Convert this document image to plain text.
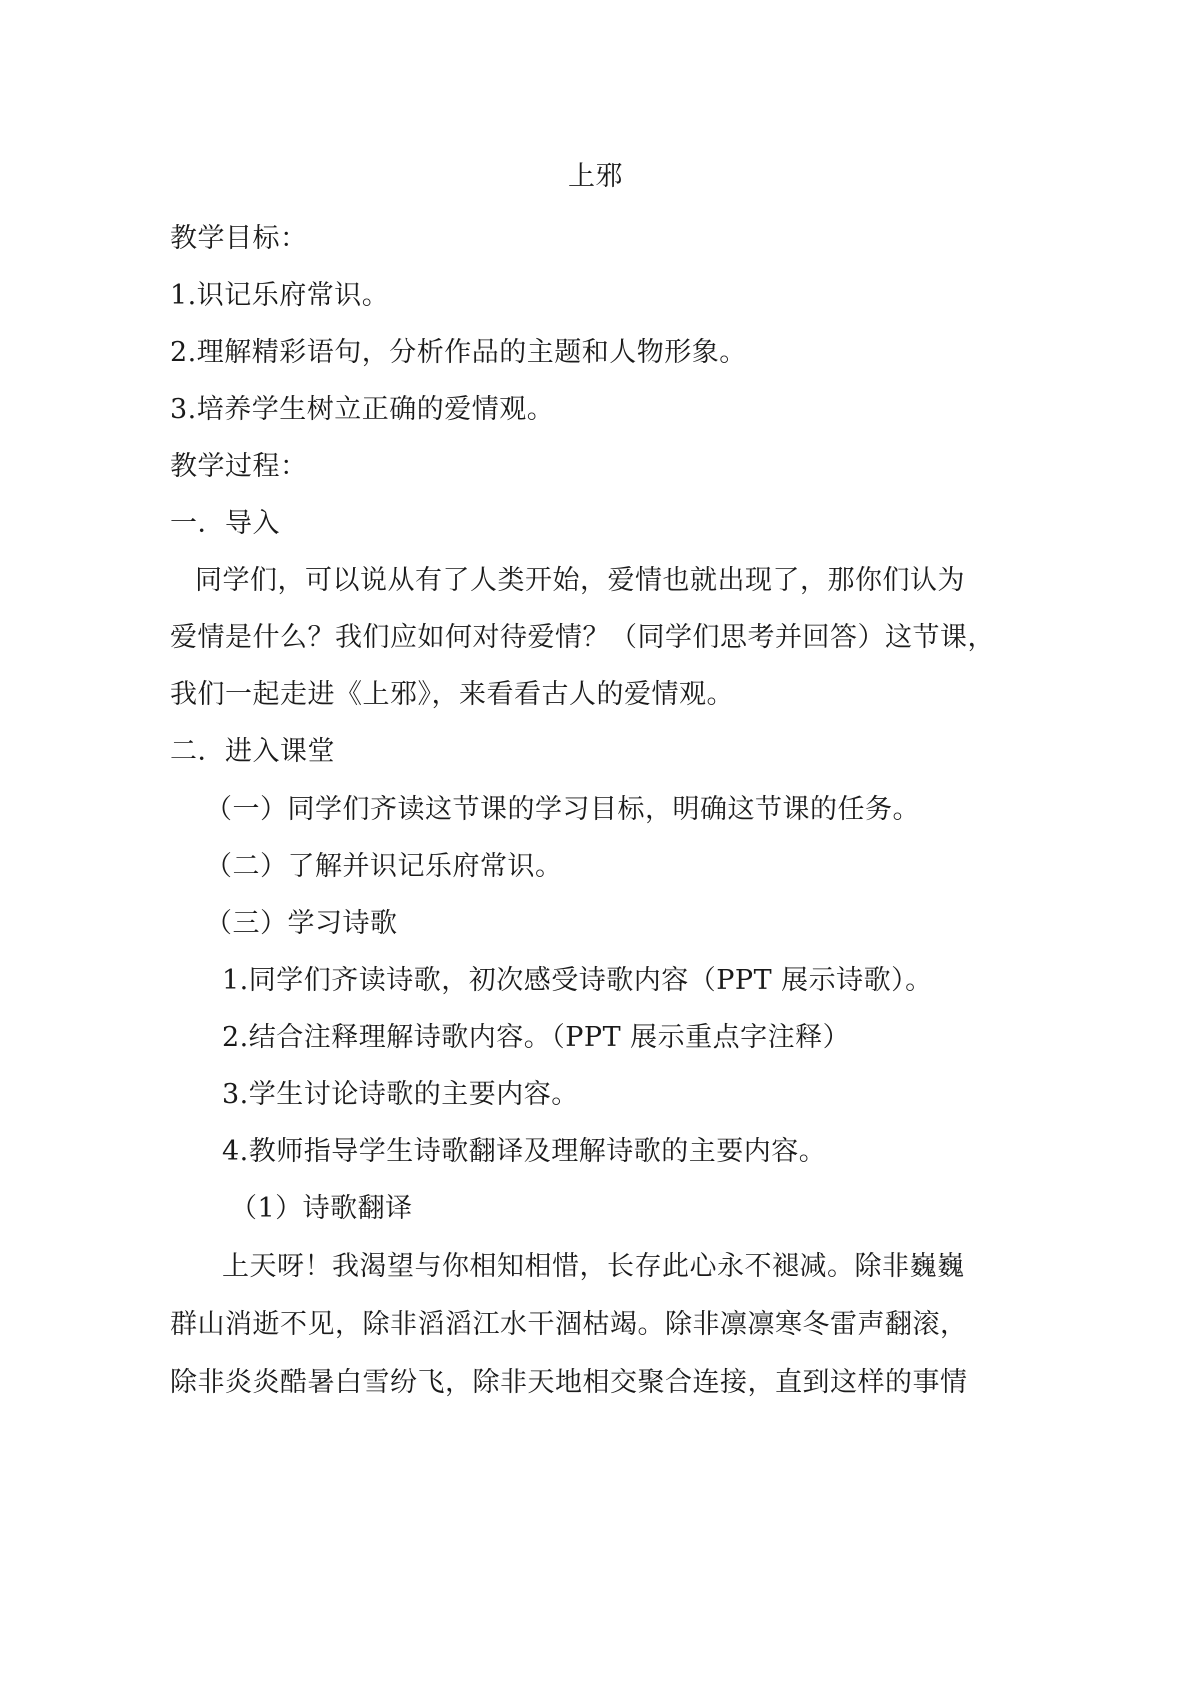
上邪
教学目标：
1.识记乐府常识。
2.理解精彩语句，分析作品的主题和人物形象。
3.培养学生树立正确的爱情观。
教学过程：
一．导入
同学们，可以说从有了人类开始，爱情也就出现了，那你们认为
爱情是什么？我们应如何对待爱情？（同学们思考并回答）这节课，
我们一起走进《上邪》，来看看古人的爱情观。
二．进入课堂
（一）同学们齐读这节课的学习目标，明确这节课的任务。
（二）了解并识记乐府常识。
（三）学习诗歌
1.同学们齐读诗歌，初次感受诗歌内容（PPT 展示诗歌）。
2.结合注释理解诗歌内容。（PPT 展示重点字注释）
3.学生讨论诗歌的主要内容。
4.教师指导学生诗歌翻译及理解诗歌的主要内容。
（1）诗歌翻译
上天呀！我渴望与你相知相惜，长存此心永不褪减。除非巍巍
群山消逝不见，除非滔滔江水干涸枯竭。除非凛凛寒冬雷声翻滚，
除非炎炎酷暑白雪纷飞，除非天地相交聚合连接，直到这样的事情
